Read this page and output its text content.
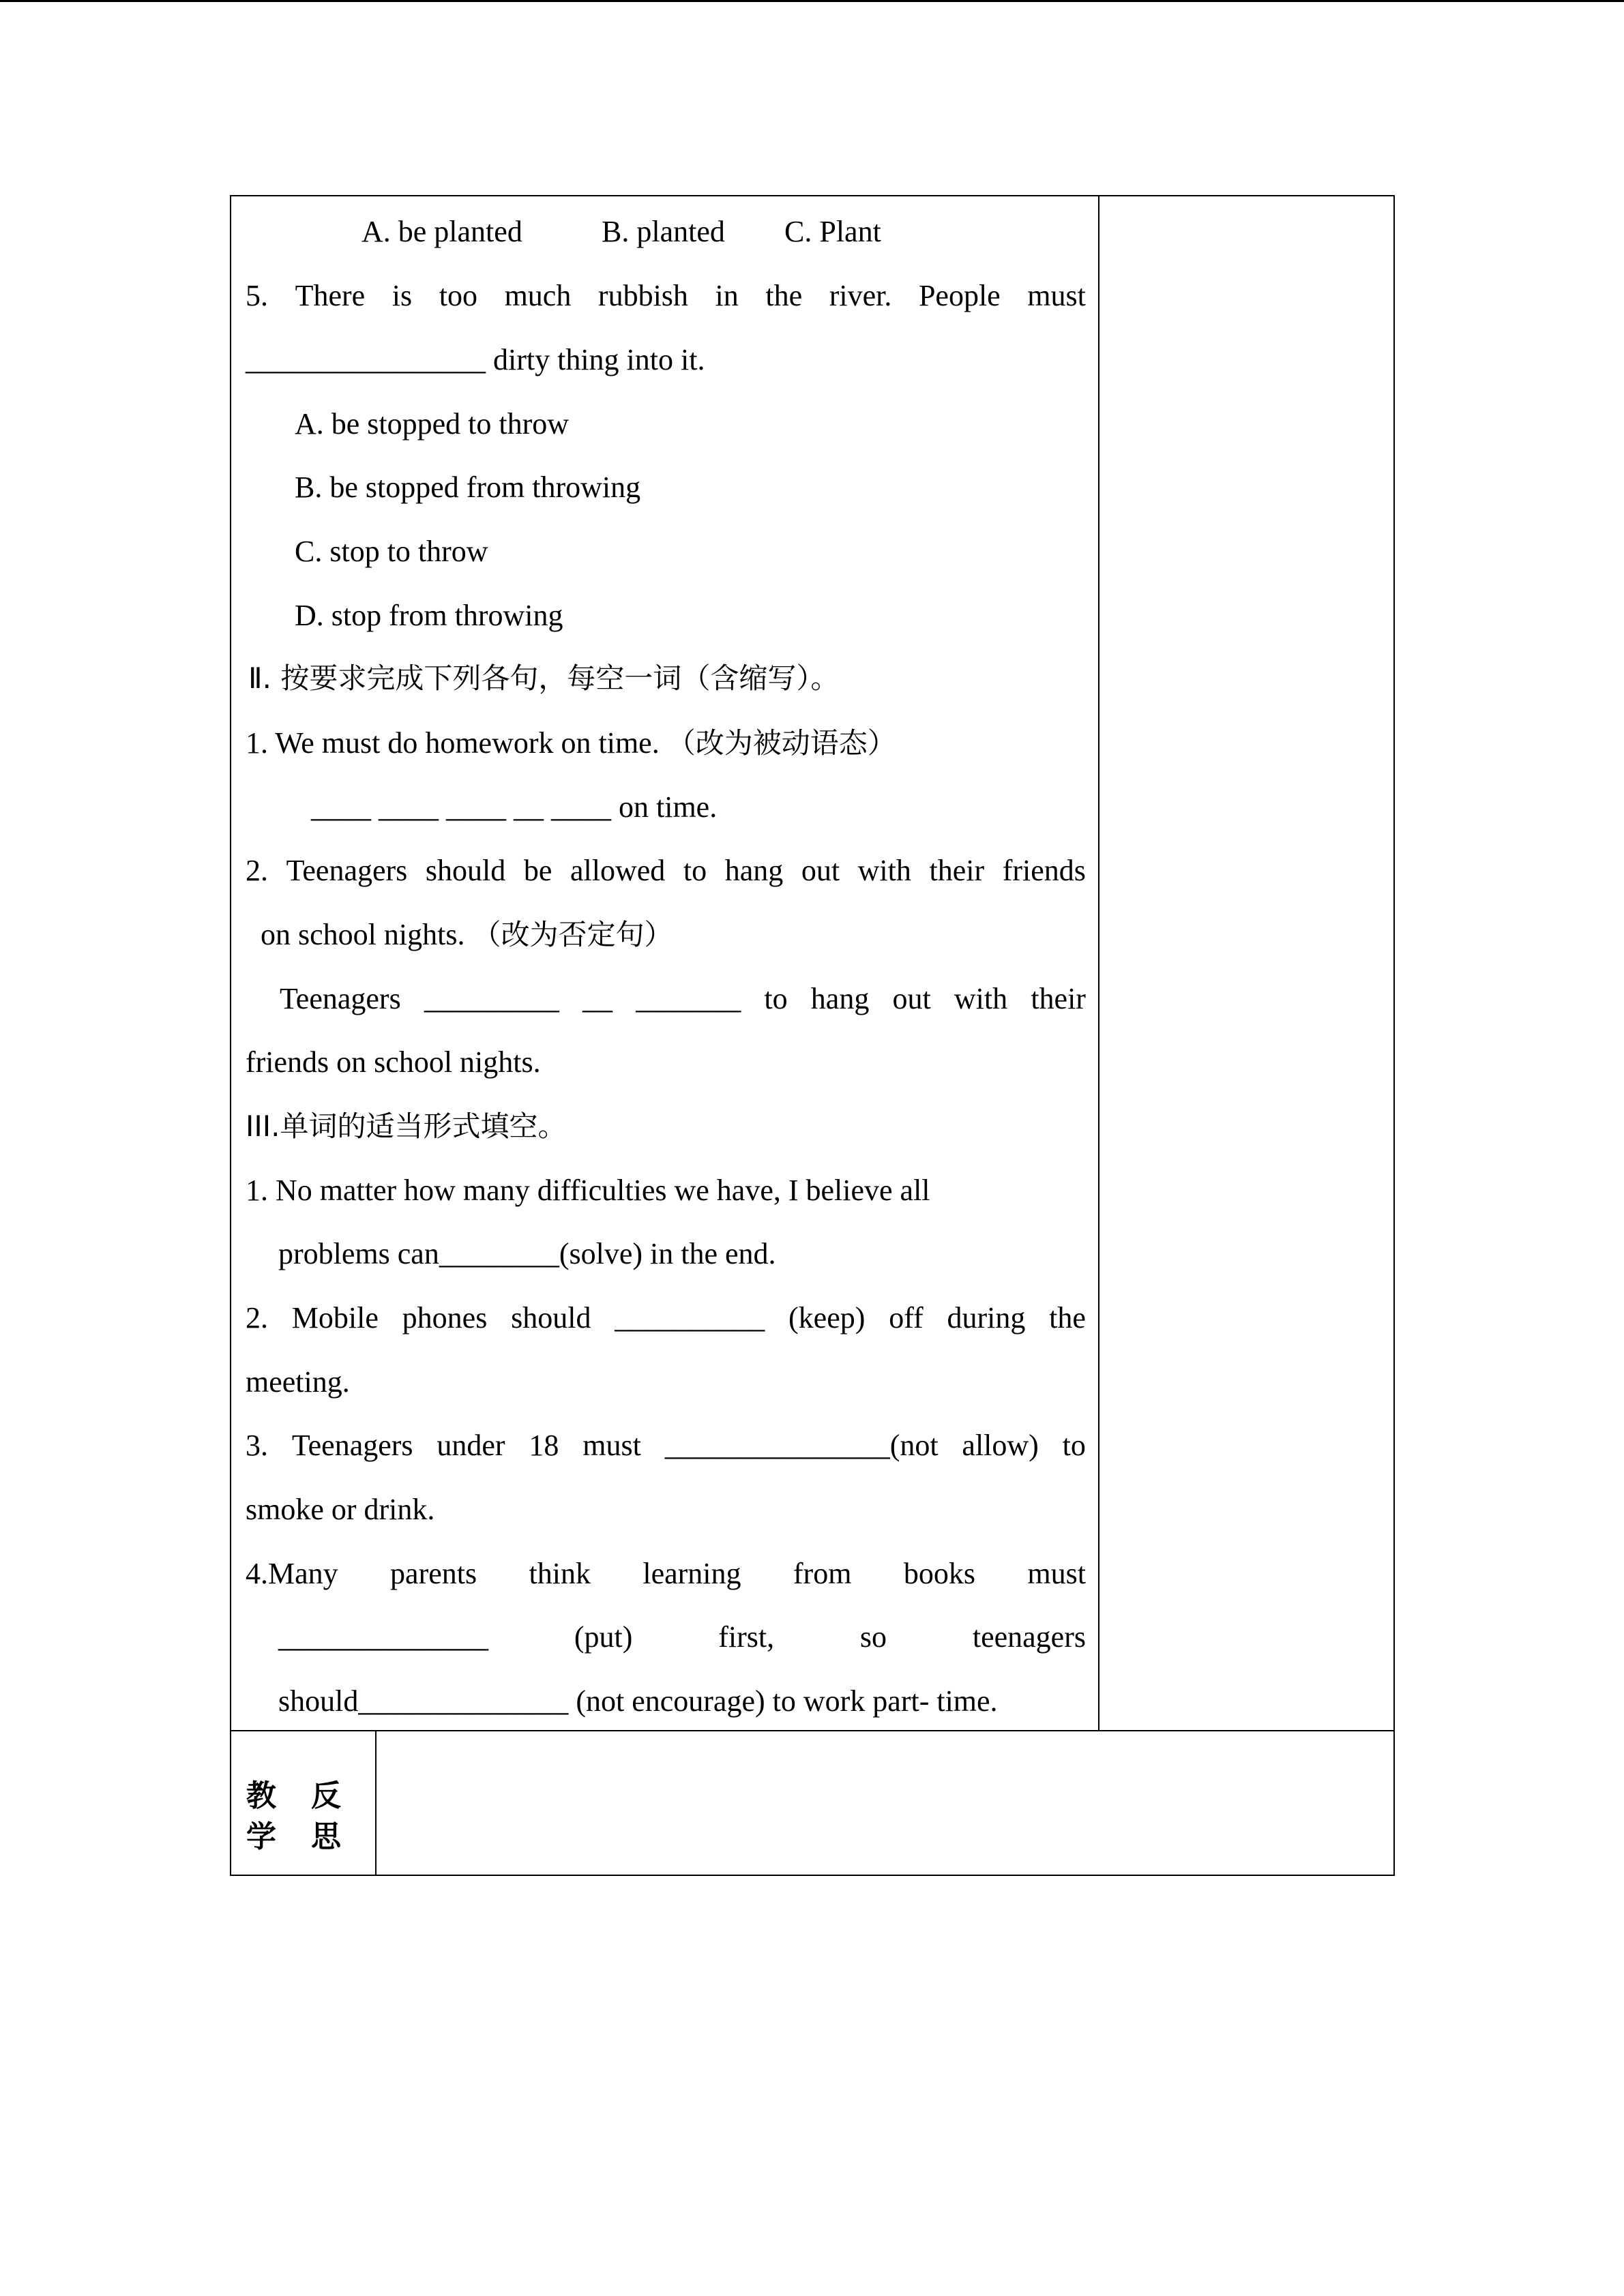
A. be planted	B. planted C. Plant
5. There is too much rubbish in the river. People must
________________ dirty thing into it.
A. be stopped to throw
B. be stopped from throwing
C. stop to throw
D. stop from throwing
Ⅱ. 按要求完成下列各句，每空一词（含缩写）。
1. We must do homework on time. （改为被动语态）
____ ____ ____ __ ____ on time.
2. Teenagers should be allowed to hang out with their friends
on school nights. （改为否定句）
Teenagers _________ __ _______ to hang out with their
friends on school nights.
III.单词的适当形式填空。
1. No matter how many difficulties we have, I believe all
problems can________(solve) in the end.
2. Mobile phones should __________ (keep) off during the
meeting.
3. Teenagers under 18 must _______________(not allow) to
smoke or drink.
4.Many parents think learning from books must
______________	(put)	first,	so	teenagers
should______________ (not encourage) to work part- time.
教 反
学 思
